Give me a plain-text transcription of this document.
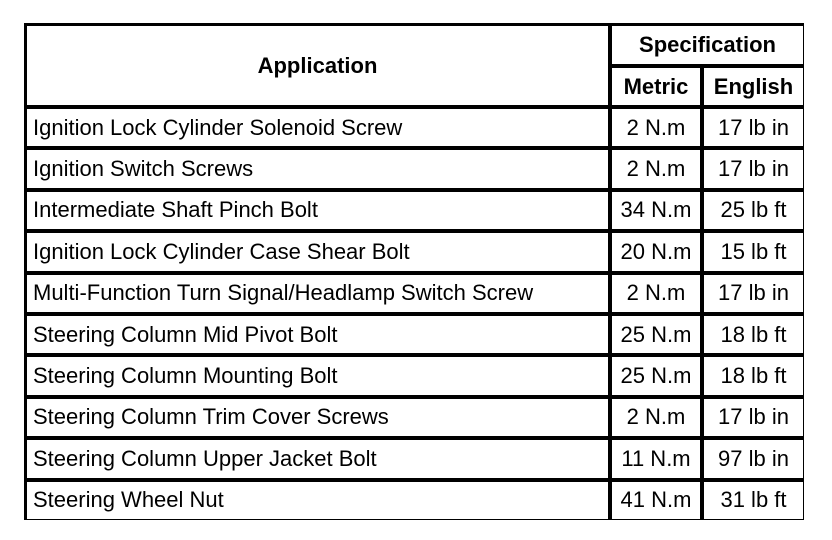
Application
Specification
Metric	English
Ignition Lock Cylinder Solenoid Screw	2 N.m	17 lb in
Ignition Switch Screws	2 N.m	17 lb in
Intermediate Shaft Pinch Bolt	34 N.m	25 lb ft
Ignition Lock Cylinder Case Shear Bolt	20 N.m	15 lb ft
Multi-Function Turn Signal/Headlamp Switch Screw	2 N.m	17 lb in
Steering Column Mid Pivot Bolt	25 N.m	18 lb ft
Steering Column Mounting Bolt	25 N.m	18 lb ft
Steering Column Trim Cover Screws	2 N.m	17 lb in
Steering Column Upper Jacket Bolt	11 N.m	97 lb in
Steering Wheel Nut	41 N.m	31 lb ft
